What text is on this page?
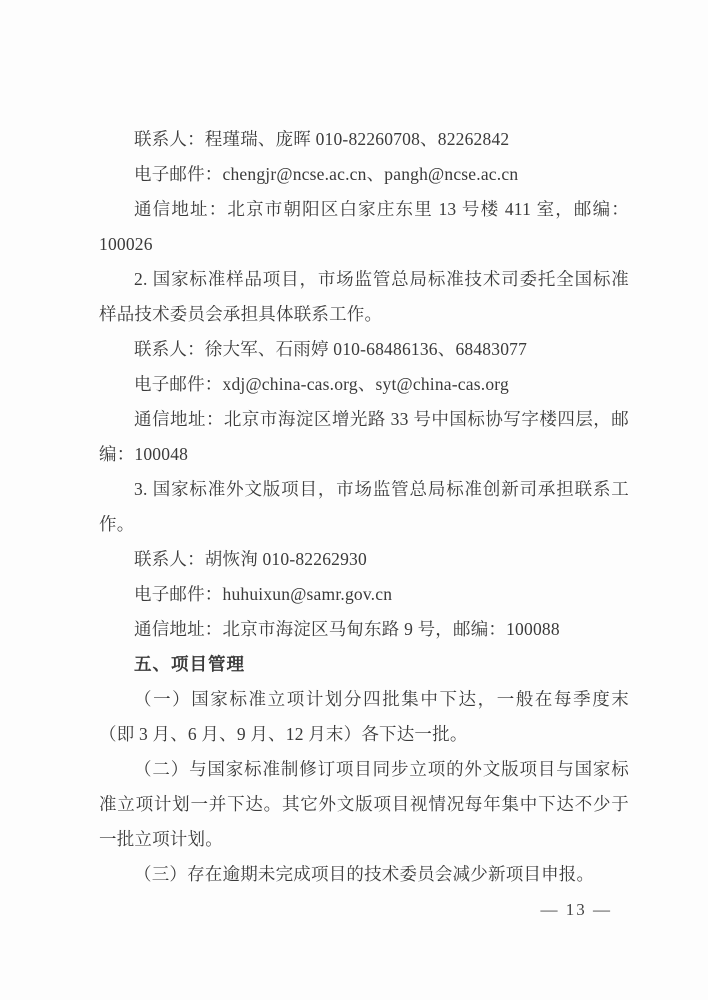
联系人：程瑾瑞、庞晖 010-82260708、82262842

电子邮件：chengjr@ncse.ac.cn、pangh@ncse.ac.cn

通信地址：北京市朝阳区白家庄东里 13 号楼 411 室，邮编：100026

2. 国家标准样品项目，市场监管总局标准技术司委托全国标准样品技术委员会承担具体联系工作。

联系人：徐大军、石雨婷 010-68486136、68483077

电子邮件：xdj@china-cas.org、syt@china-cas.org

通信地址：北京市海淀区增光路 33 号中国标协写字楼四层，邮编：100048

3. 国家标准外文版项目，市场监管总局标准创新司承担联系工作。

联系人：胡恢洵 010-82262930

电子邮件：huhuixun@samr.gov.cn

通信地址：北京市海淀区马甸东路 9 号，邮编：100088

五、项目管理

（一）国家标准立项计划分四批集中下达，一般在每季度末（即 3 月、6 月、9 月、12 月末）各下达一批。

（二）与国家标准制修订项目同步立项的外文版项目与国家标准立项计划一并下达。其它外文版项目视情况每年集中下达不少于一批立项计划。

（三）存在逾期未完成项目的技术委员会减少新项目申报。

— 13 —
